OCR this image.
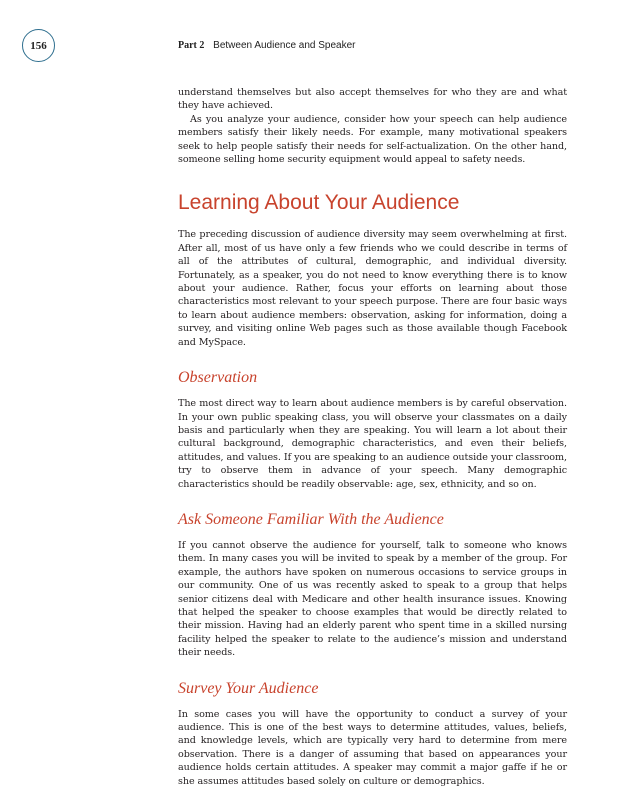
156	Part 2 Between Audience and Speaker

understand themselves but also accept themselves for who they are and what they have achieved.

As you analyze your audience, consider how your speech can help audience members satisfy their likely needs. For example, many motivational speakers seek to help people satisfy their needs for self-actualization. On the other hand, someone selling home security equipment would appeal to safety needs.

Learning About Your Audience

The preceding discussion of audience diversity may seem overwhelming at first. After all, most of us have only a few friends who we could describe in terms of all of the attributes of cultural, demographic, and individual diversity. Fortunately, as a speaker, you do not need to know everything there is to know about your audience. Rather, focus your efforts on learning about those characteristics most relevant to your speech purpose. There are four basic ways to learn about audience members: observation, asking for information, doing a survey, and visiting online Web pages such as those available though Facebook and MySpace.

Observation

The most direct way to learn about audience members is by careful observation. In your own public speaking class, you will observe your classmates on a daily basis and particularly when they are speaking. You will learn a lot about their cultural background, demographic characteristics, and even their beliefs, attitudes, and values. If you are speaking to an audience outside your classroom, try to observe them in advance of your speech. Many demographic characteristics should be readily observable: age, sex, ethnicity, and so on.

Ask Someone Familiar With the Audience

If you cannot observe the audience for yourself, talk to someone who knows them. In many cases you will be invited to speak by a member of the group. For example, the authors have spoken on numerous occasions to service groups in our community. One of us was recently asked to speak to a group that helps senior citizens deal with Medicare and other health insurance issues. Knowing that helped the speaker to choose examples that would be directly related to their mission. Having had an elderly parent who spent time in a skilled nursing facility helped the speaker to relate to the audience’s mission and understand their needs.

Survey Your Audience

In some cases you will have the opportunity to conduct a survey of your audience. This is one of the best ways to determine attitudes, values, beliefs, and knowledge levels, which are typically very hard to determine from mere observation. There is a danger of assuming that based on appearances your audience holds certain attitudes. A speaker may commit a major gaffe if he or she assumes attitudes based solely on culture or demographics.
